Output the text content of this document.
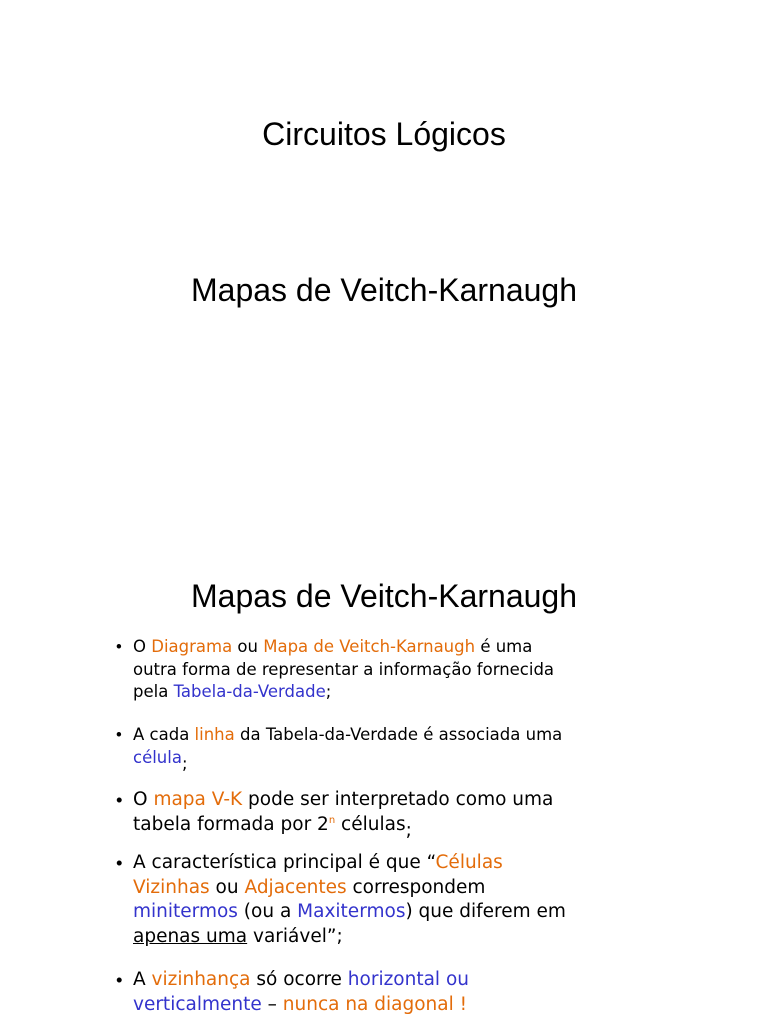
Circuitos Lógicos
Mapas de Veitch-Karnaugh
Mapas de Veitch-Karnaugh
• O Diagrama ou Mapa de Veitch-Karnaugh é uma outra forma de representar a informação fornecida pela Tabela-da-Verdade;
• A cada linha da Tabela-da-Verdade é associada uma célula;
• O mapa V-K pode ser interpretado como uma tabela formada por 2$^n$ células;
• A característica principal é que “Células Vizinhas ou Adjacentes correspondem minitermos (ou a Maxitermos) que diferem em apenas uma variável”;
• A vizinhança só ocorre horizontal ou verticalmente – nunca na diagonal !
